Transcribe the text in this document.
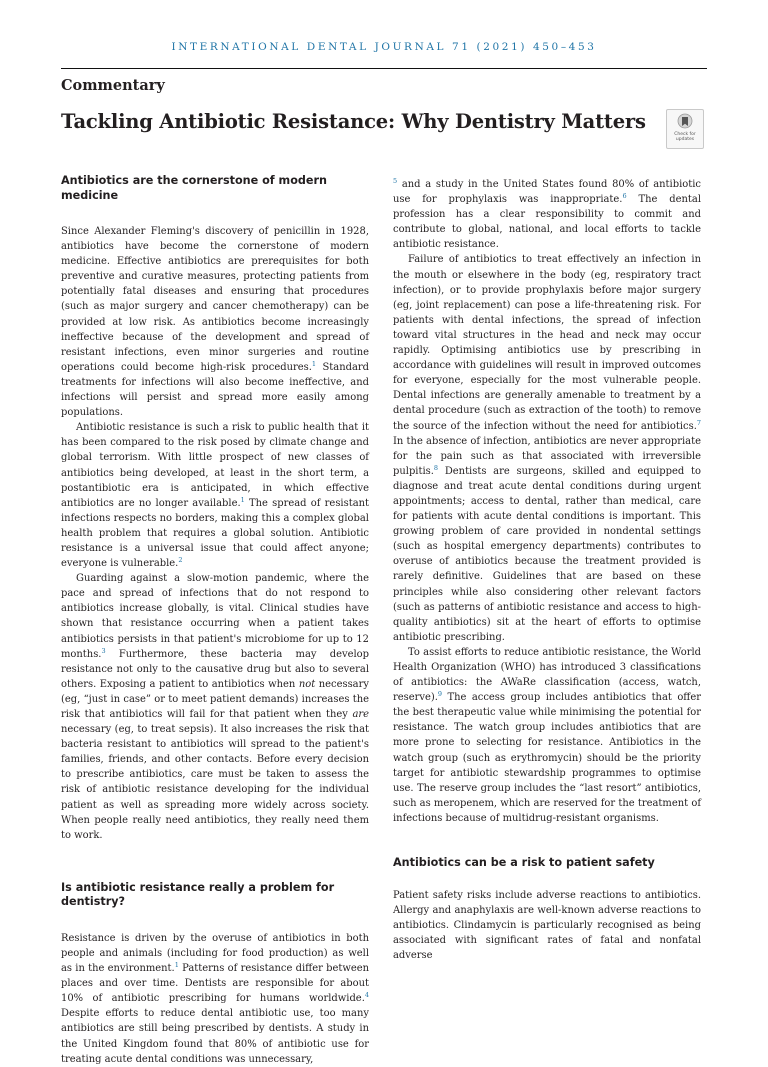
INTERNATIONAL DENTAL JOURNAL 71 (2021) 450–453
Commentary
Tackling Antibiotic Resistance: Why Dentistry Matters
Check for updates
Antibiotics are the cornerstone of modern medicine

Since Alexander Fleming's discovery of penicillin in 1928, antibiotics have become the cornerstone of modern medicine. Effective antibiotics are prerequisites for both preventive and curative measures, protecting patients from potentially fatal diseases and ensuring that procedures (such as major surgery and cancer chemotherapy) can be provided at low risk. As antibiotics become increasingly ineffective because of the development and spread of resistant infections, even minor surgeries and routine operations could become high-risk procedures.$^1$ Standard treatments for infections will also become ineffective, and infections will persist and spread more easily among populations.

Antibiotic resistance is such a risk to public health that it has been compared to the risk posed by climate change and global terrorism. With little prospect of new classes of antibiotics being developed, at least in the short term, a postantibiotic era is anticipated, in which effective antibiotics are no longer available.$^1$ The spread of resistant infections respects no borders, making this a complex global health problem that requires a global solution. Antibiotic resistance is a universal issue that could affect anyone; everyone is vulnerable.$^2$

Guarding against a slow-motion pandemic, where the pace and spread of infections that do not respond to antibiotics increase globally, is vital. Clinical studies have shown that resistance occurring when a patient takes antibiotics persists in that patient's microbiome for up to 12 months.$^3$ Furthermore, these bacteria may develop resistance not only to the causative drug but also to several others. Exposing a patient to antibiotics when not necessary (eg, “just in case” or to meet patient demands) increases the risk that antibiotics will fail for that patient when they are necessary (eg, to treat sepsis). It also increases the risk that bacteria resistant to antibiotics will spread to the patient's families, friends, and other contacts. Before every decision to prescribe antibiotics, care must be taken to assess the risk of antibiotic resistance developing for the individual patient as well as spreading more widely across society. When people really need antibiotics, they really need them to work.

Is antibiotic resistance really a problem for dentistry?

Resistance is driven by the overuse of antibiotics in both people and animals (including for food production) as well as in the environment.$^1$ Patterns of resistance differ between places and over time. Dentists are responsible for about 10% of antibiotic prescribing for humans worldwide.$^4$ Despite efforts to reduce dental antibiotic use, too many antibiotics are still being prescribed by dentists. A study in the United Kingdom found that 80% of antibiotic use for treating acute dental conditions was unnecessary,

$^5$ and a study in the United States found 80% of antibiotic use for prophylaxis was inappropriate.$^6$ The dental profession has a clear responsibility to commit and contribute to global, national, and local efforts to tackle antibiotic resistance.

Failure of antibiotics to treat effectively an infection in the mouth or elsewhere in the body (eg, respiratory tract infection), or to provide prophylaxis before major surgery (eg, joint replacement) can pose a life-threatening risk. For patients with dental infections, the spread of infection toward vital structures in the head and neck may occur rapidly. Optimising antibiotics use by prescribing in accordance with guidelines will result in improved outcomes for everyone, especially for the most vulnerable people. Dental infections are generally amenable to treatment by a dental procedure (such as extraction of the tooth) to remove the source of the infection without the need for antibiotics.$^7$ In the absence of infection, antibiotics are never appropriate for the pain such as that associated with irreversible pulpitis.$^8$ Dentists are surgeons, skilled and equipped to diagnose and treat acute dental conditions during urgent appointments; access to dental, rather than medical, care for patients with acute dental conditions is important. This growing problem of care provided in nondental settings (such as hospital emergency departments) contributes to overuse of antibiotics because the treatment provided is rarely definitive. Guidelines that are based on these principles while also considering other relevant factors (such as patterns of antibiotic resistance and access to high-quality antibiotics) sit at the heart of efforts to optimise antibiotic prescribing.

To assist efforts to reduce antibiotic resistance, the World Health Organization (WHO) has introduced 3 classifications of antibiotics: the AWaRe classification (access, watch, reserve).$^9$ The access group includes antibiotics that offer the best therapeutic value while minimising the potential for resistance. The watch group includes antibiotics that are more prone to selecting for resistance. Antibiotics in the watch group (such as erythromycin) should be the priority target for antibiotic stewardship programmes to optimise use. The reserve group includes the “last resort” antibiotics, such as meropenem, which are reserved for the treatment of infections because of multidrug-resistant organisms.

Antibiotics can be a risk to patient safety

Patient safety risks include adverse reactions to antibiotics. Allergy and anaphylaxis are well-known adverse reactions to antibiotics. Clindamycin is particularly recognised as being associated with significant rates of fatal and nonfatal adverse
